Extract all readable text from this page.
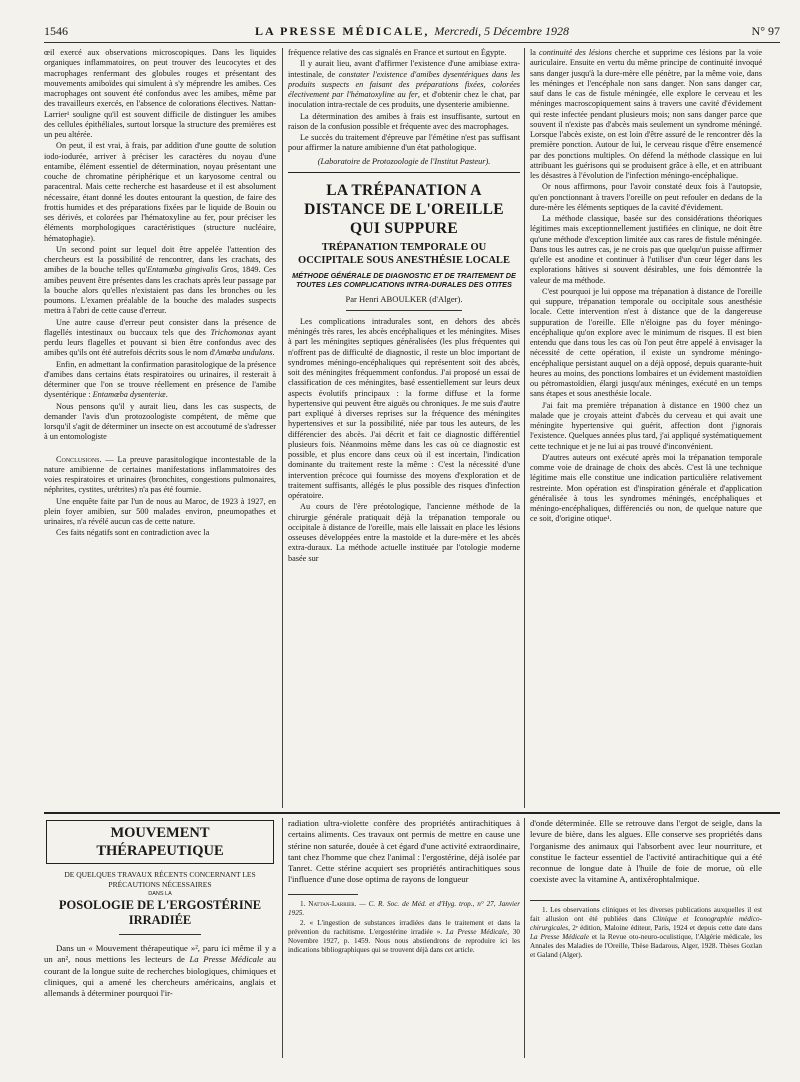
1546	LA PRESSE MÉDICALE, Mercredi, 5 Décembre 1928	N° 97

œil exercé aux observations microscopiques. Dans les liquides organiques inflammatoires, on peut trouver des leucocytes et des macrophages renfermant des globules rouges et présentant des mouvements amiboïdes qui simulent à s'y méprendre les amibes. Ces macrophages ont souvent été confondus avec les amibes, même par des travailleurs exercés, en l'absence de colorations électives. Nattan-Larrier¹ souligne qu'il est souvent difficile de distinguer les amibes des cellules épithéliales, surtout lorsque la structure des premières est un peu altérée.

On peut, il est vrai, à frais, par addition d'une goutte de solution iodo-iodurée, arriver à préciser les caractères du noyau d'une entamibe, élément essentiel de détermination, noyau présentant une couche de chromatine périphérique et un karyosome central ou paracentral. Mais cette recherche est hasardeuse et il est absolument nécessaire, étant donné les doutes entourant la question, de faire des frottis humides et des préparations fixées par le liquide de Bouin ou ses dérivés, et colorées par l'hématoxyline au fer, pour préciser les éléments morphologiques caractéristiques (structure nucléaire, hématophagie).

Un second point sur lequel doit être appelée l'attention des chercheurs est la possibilité de rencontrer, dans les crachats, des amibes de la bouche telles qu'Entamœba gingivalis Gros, 1849. Ces amibes peuvent être présentes dans les crachats après leur passage par la bouche alors qu'elles n'existaient pas dans les bronches ou les poumons. L'examen préalable de la bouche des malades suspects mettra à l'abri de cette cause d'erreur.

Une autre cause d'erreur peut consister dans la présence de flagellés intestinaux ou buccaux tels que des Trichomonas ayant perdu leurs flagelles et pouvant si bien être confondus avec des amibes qu'ils ont été autrefois décrits sous le nom d'Amœba undulans.

Enfin, en admettant la confirmation parasitologique de la présence d'amibes dans certains états respiratoires ou urinaires, il resterait à déterminer que l'on se trouve réellement en présence de l'amibe dysentérique : Entamœba dysenteriæ.

Nous pensons qu'il y aurait lieu, dans les cas suspects, de demander l'avis d'un protozoologiste compétent, de même que lorsqu'il s'agit de déterminer un insecte on est accoutumé de s'adresser à un entomologiste

Conclusions. — La preuve parasitologique incontestable de la nature amibienne de certaines manifestations inflammatoires des voies respiratoires et urinaires (bronchites, congestions pulmonaires, néphrites, cystites, urétrites) n'a pas été fournie.

Une enquête faite par l'un de nous au Maroc, de 1923 à 1927, en plein foyer amibien, sur 500 malades environ, pneumopathes et urinaires, n'a révélé aucun cas de cette nature.

Ces faits négatifs sont en contradiction avec la

fréquence relative des cas signalés en France et surtout en Égypte.

Il y aurait lieu, avant d'affirmer l'existence d'une amibiase extra-intestinale, de constater l'existence d'amibes dysentériques dans les produits suspects en faisant des préparations fixées, colorées électivement par l'hématoxyline au fer, et d'obtenir chez le chat, par inoculation intra-rectale de ces produits, une dysenterie amibienne.

La détermination des amibes à frais est insuffisante, surtout en raison de la confusion possible et fréquente avec des macrophages.

Le succès du traitement d'épreuve par l'émétine n'est pas suffisant pour affirmer la nature amibienne d'un état pathologique.

(Laboratoire de Protozoologie de l'Institut Pasteur).

LA TRÉPANATION A DISTANCE DE L'OREILLE QUI SUPPURE
TRÉPANATION TEMPORALE OU OCCIPITALE SOUS ANESTHÉSIE LOCALE
MÉTHODE GÉNÉRALE DE DIAGNOSTIC ET DE TRAITEMENT DE TOUTES LES COMPLICATIONS INTRA-DURALES DES OTITES

Par Henri ABOULKER (d'Alger).

Les complications intradurales sont, en dehors des abcès méningés très rares, les abcès encéphaliques et les méningites. Mises à part les méningites septiques généralisées (les plus fréquentes qui n'offrent pas de difficulté de diagnostic, il reste un bloc important de syndromes méningo-encéphaliques qui représentent soit des abcès, soit des méningites fréquemment confondus. J'ai proposé un essai de classification de ces méningites, basé essentiellement sur leurs deux aspects évolutifs principaux : la forme diffuse et la forme hypertensive qui peuvent être aiguës ou chroniques. Je me suis d'autre part expliqué à diverses reprises sur la fréquence des méningites hypertensives et sur la possibilité, niée par tous les auteurs, de les différencier des abcès. J'ai décrit et fait ce diagnostic différentiel plusieurs fois. Néanmoins même dans les cas où ce diagnostic est possible, et plus encore dans ceux où il est incertain, l'indication dominante du traitement reste la même : C'est la nécessité d'une intervention précoce qui fournisse des moyens d'exploration et de traitement suffisants, allégés le plus possible des risques d'infection opératoire.

Au cours de l'ère préotologique, l'ancienne méthode de la chirurgie générale pratiquait déjà la trépanation temporale ou occipitale à distance de l'oreille, mais elle laissait en place les lésions osseuses développées entre la mastoïde et la dure-mère et les abcès extra-duraux. La méthode actuelle instituée par l'otologie moderne basée sur

la continuité des lésions cherche et supprime ces lésions par la voie auriculaire. Ensuite en vertu du même principe de continuité invoqué sans danger jusqu'à la dure-mère elle pénètre, par la même voie, dans les méninges et l'encéphale non sans danger. Non sans danger car, sauf dans le cas de fistule méningée, elle explore le cerveau et les méninges macroscopiquement sains à travers une cavité d'évidement qui reste infectée pendant plusieurs mois; non sans danger parce que souvent il n'existe pas d'abcès mais seulement un syndrome méningé. Lorsque l'abcès existe, on est loin d'être assuré de le rencontrer dès la première ponction. Autour de lui, le cerveau risque d'être ensemencé par des ponctions multiples. On défend la méthode classique en lui attribuant les guérisons qui se produisent grâce à elle, et en attribuant les désastres à l'évolution de l'infection méningo-encéphalique.

Or nous affirmons, pour l'avoir constaté deux fois à l'autopsie, qu'en ponctionnant à travers l'oreille on peut refouler en dedans de la dure-mère les éléments septiques de la cavité d'évidement.

La méthode classique, basée sur des considérations théoriques légitimes mais exceptionnellement justifiées en clinique, ne doit être qu'une méthode d'exception limitée aux cas rares de fistule méningée. Dans tous les autres cas, je ne crois pas que quelqu'un puisse affirmer qu'elle est anodine et continuer à l'utiliser d'un cœur léger dans les explorations hâtives si souvent désirables, une fois démontrée la valeur de ma méthode.

C'est pourquoi je lui oppose ma trépanation à distance de l'oreille qui suppure, trépanation temporale ou occipitale sous anesthésie locale. Cette intervention n'est à distance que de la dangereuse suppuration de l'oreille. Elle n'éloigne pas du foyer méningo-encéphalique qu'on explore avec le minimum de risques. Il est bien entendu que dans tous les cas où l'on peut être appelé à envisager la nécessité de cette opération, il existe un syndrome méningo-encéphalique persistant auquel on a déjà opposé, depuis quarante-huit heures au moins, des ponctions lombaires et un évidement mastoïdien ou pétromastoïdien, élargi jusqu'aux méninges, exécuté en un temps sans étapes et sous anesthésie locale.

J'ai fait ma première trépanation à distance en 1900 chez un malade que je croyais atteint d'abcès du cerveau et qui avait une méningite hypertensive qui guérit, affection dont j'ignorais l'existence. Quelques années plus tard, j'ai appliqué systématiquement cette technique et je ne lui ai pas trouvé d'inconvénient.

D'autres auteurs ont exécuté après moi la trépanation temporale comme voie de drainage de choix des abcès. C'est là une technique légitime mais elle constitue une indication particulière relativement restreinte. Mon opération est d'inspiration générale et d'application généralisée à tous les syndromes méningés, encéphaliques et méningo-encéphaliques, différenciés ou non, de quelque nature que ce soit, d'origine otique¹.

MOUVEMENT THÉRAPEUTIQUE
DE QUELQUES TRAVAUX RÉCENTS CONCERNANT LES PRÉCAUTIONS NÉCESSAIRES
DANS LA
POSOLOGIE DE L'ERGOSTÉRINE IRRADIÉE

Dans un « Mouvement thérapeutique »², paru ici même il y a un an², nous mettions les lecteurs de La Presse Médicale au courant de la longue suite de recherches biologiques, chimiques et cliniques, qui a amené les chercheurs américains, anglais et allemands à déterminer pourquoi l'ir-

radiation ultra-violette confère des propriétés antirachitiques à certains aliments. Ces travaux ont permis de mettre en cause une stérine non saturée, douée à cet égard d'une activité extraordinaire, tant chez l'homme que chez l'animal : l'ergostérine, déjà isolée par Tanret. Cette stérine acquiert ses propriétés antirachitiques sous l'influence d'une dose optima de rayons de longueur

1. Nattan-Larrier. — C. R. Soc. de Méd. et d'Hyg. trop., n° 27, Janvier 1925.

2. « L'ingestion de substances irradiées dans le traitement et dans la prévention du rachitisme. L'ergostérine irradiée ». La Presse Médicale, 30 Novembre 1927, p. 1459. Nous nous abstiendrons de reproduire ici les indications bibliographiques qui se trouvent déjà dans cet article.

d'onde déterminée. Elle se retrouve dans l'ergot de seigle, dans la levure de bière, dans les algues. Elle conserve ses propriétés dans l'organisme des animaux qui l'absorbent avec leur nourriture, et constitue le facteur essentiel de l'activité antirachitique qui a été reconnue de longue date à l'huile de foie de morue, où elle coexiste avec la vitamine A, antixérophtalmique.

1. Les observations cliniques et les diverses publications auxquelles il est fait allusion ont été publiées dans Clinique et Iconographie médico-chirurgicales, 2ᵉ édition, Maloine éditeur, Paris, 1924 et depuis cette date dans La Presse Médicale et la Revue oto-neuro-oculistique, l'Algérie médicale, les Annales des Maladies de l'Oreille, Thèse Badarous, Alger, 1928. Thèses Gozlan et Galand (Alger).
